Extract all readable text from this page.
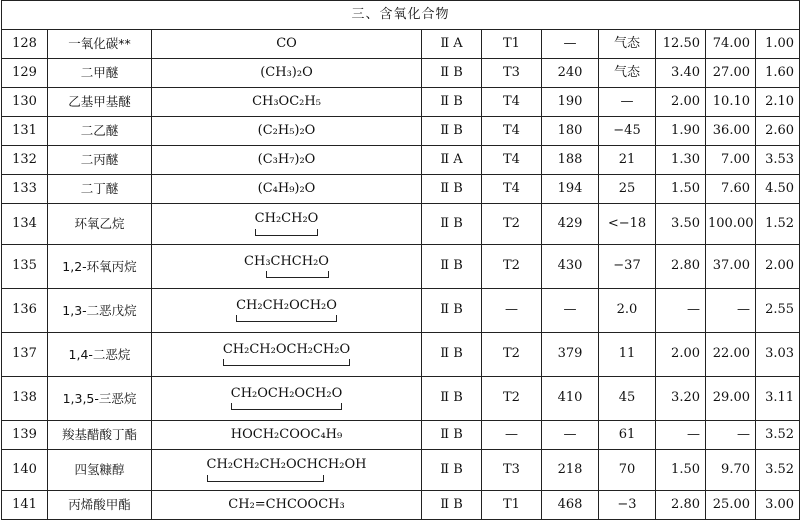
三、含氧化合物									
128	一氧化碳**	CO	Ⅱ A	T1	—	气态	12.50	74.00	1.00
129	二甲醚	(CH₃)₂O	Ⅱ B	T3	240	气态	3.40	27.00	1.60
130	乙基甲基醚	CH₃OC₂H₅	Ⅱ B	T4	190	—	2.00	10.10	2.10
131	二乙醚	(C₂H₅)₂O	Ⅱ B	T4	180	−45	1.90	36.00	2.60
132	二丙醚	(C₃H₇)₂O	Ⅱ A	T4	188	21	1.30	7.00	3.53
133	二丁醚	(C₄H₉)₂O	Ⅱ B	T4	194	25	1.50	7.60	4.50
134	环氧乙烷	CH₂CH₂O	Ⅱ B	T2	429	<−18	3.50	100.00	1.52
135	1,2-环氧丙烷	CH₃CHCH₂O	Ⅱ B	T2	430	−37	2.80	37.00	2.00
136	1,3-二恶戊烷	CH₂CH₂OCH₂O	Ⅱ B	—	—	2.0	—	—	2.55
137	1,4-二恶烷	CH₂CH₂OCH₂CH₂O	Ⅱ B	T2	379	11	2.00	22.00	3.03
138	1,3,5-三恶烷	CH₂OCH₂OCH₂O	Ⅱ B	T2	410	45	3.20	29.00	3.11
139	羧基醋酸丁酯	HOCH₂COOC₄H₉	Ⅱ B	—	—	61	—	—	3.52
140	四氢糠醇	CH₂CH₂CH₂OCHCH₂OH	Ⅱ B	T3	218	70	1.50	9.70	3.52
141	丙烯酸甲酯	CH₂=CHCOOCH₃	Ⅱ B	T1	468	−3	2.80	25.00	3.00
